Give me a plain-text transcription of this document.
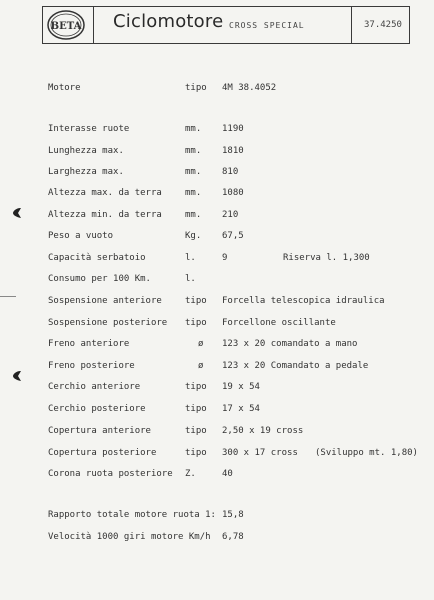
BETA Ciclomotore CROSS SPECIAL	37.4250
Motore	tipo 4M 38.4052
Interasse ruote	mm. 1190
Lunghezza max.	mm. 1810
Larghezza max.	mm. 810
Altezza max. da terra	mm. 1080
Altezza min. da terra	mm. 210
Peso a vuoto	Kg. 67,5
Capacità serbatoio	l.	9	Riserva l. 1,300
Consumo per 100 Km.	l.
Sospensione anteriore	tipo Forcella telescopica idraulica
Sospensione posteriore tipo Forcellone oscillante
Freno anteriore	ø 123 x 20 comandato a mano
Freno posteriore	ø 123 x 20 Comandato a pedale
Cerchio anteriore	tipo 19 x 54
Cerchio posteriore	tipo 17 x 54
Copertura anteriore	tipo 2,50 x 19 cross
Copertura posteriore	tipo 300 x 17 cross (Sviluppo mt. 1,80)
Corona ruota posteriore Z.	40
Rapporto totale motore ruota 1: 15,8
Velocità 1000 giri motore Km/h 6,78
